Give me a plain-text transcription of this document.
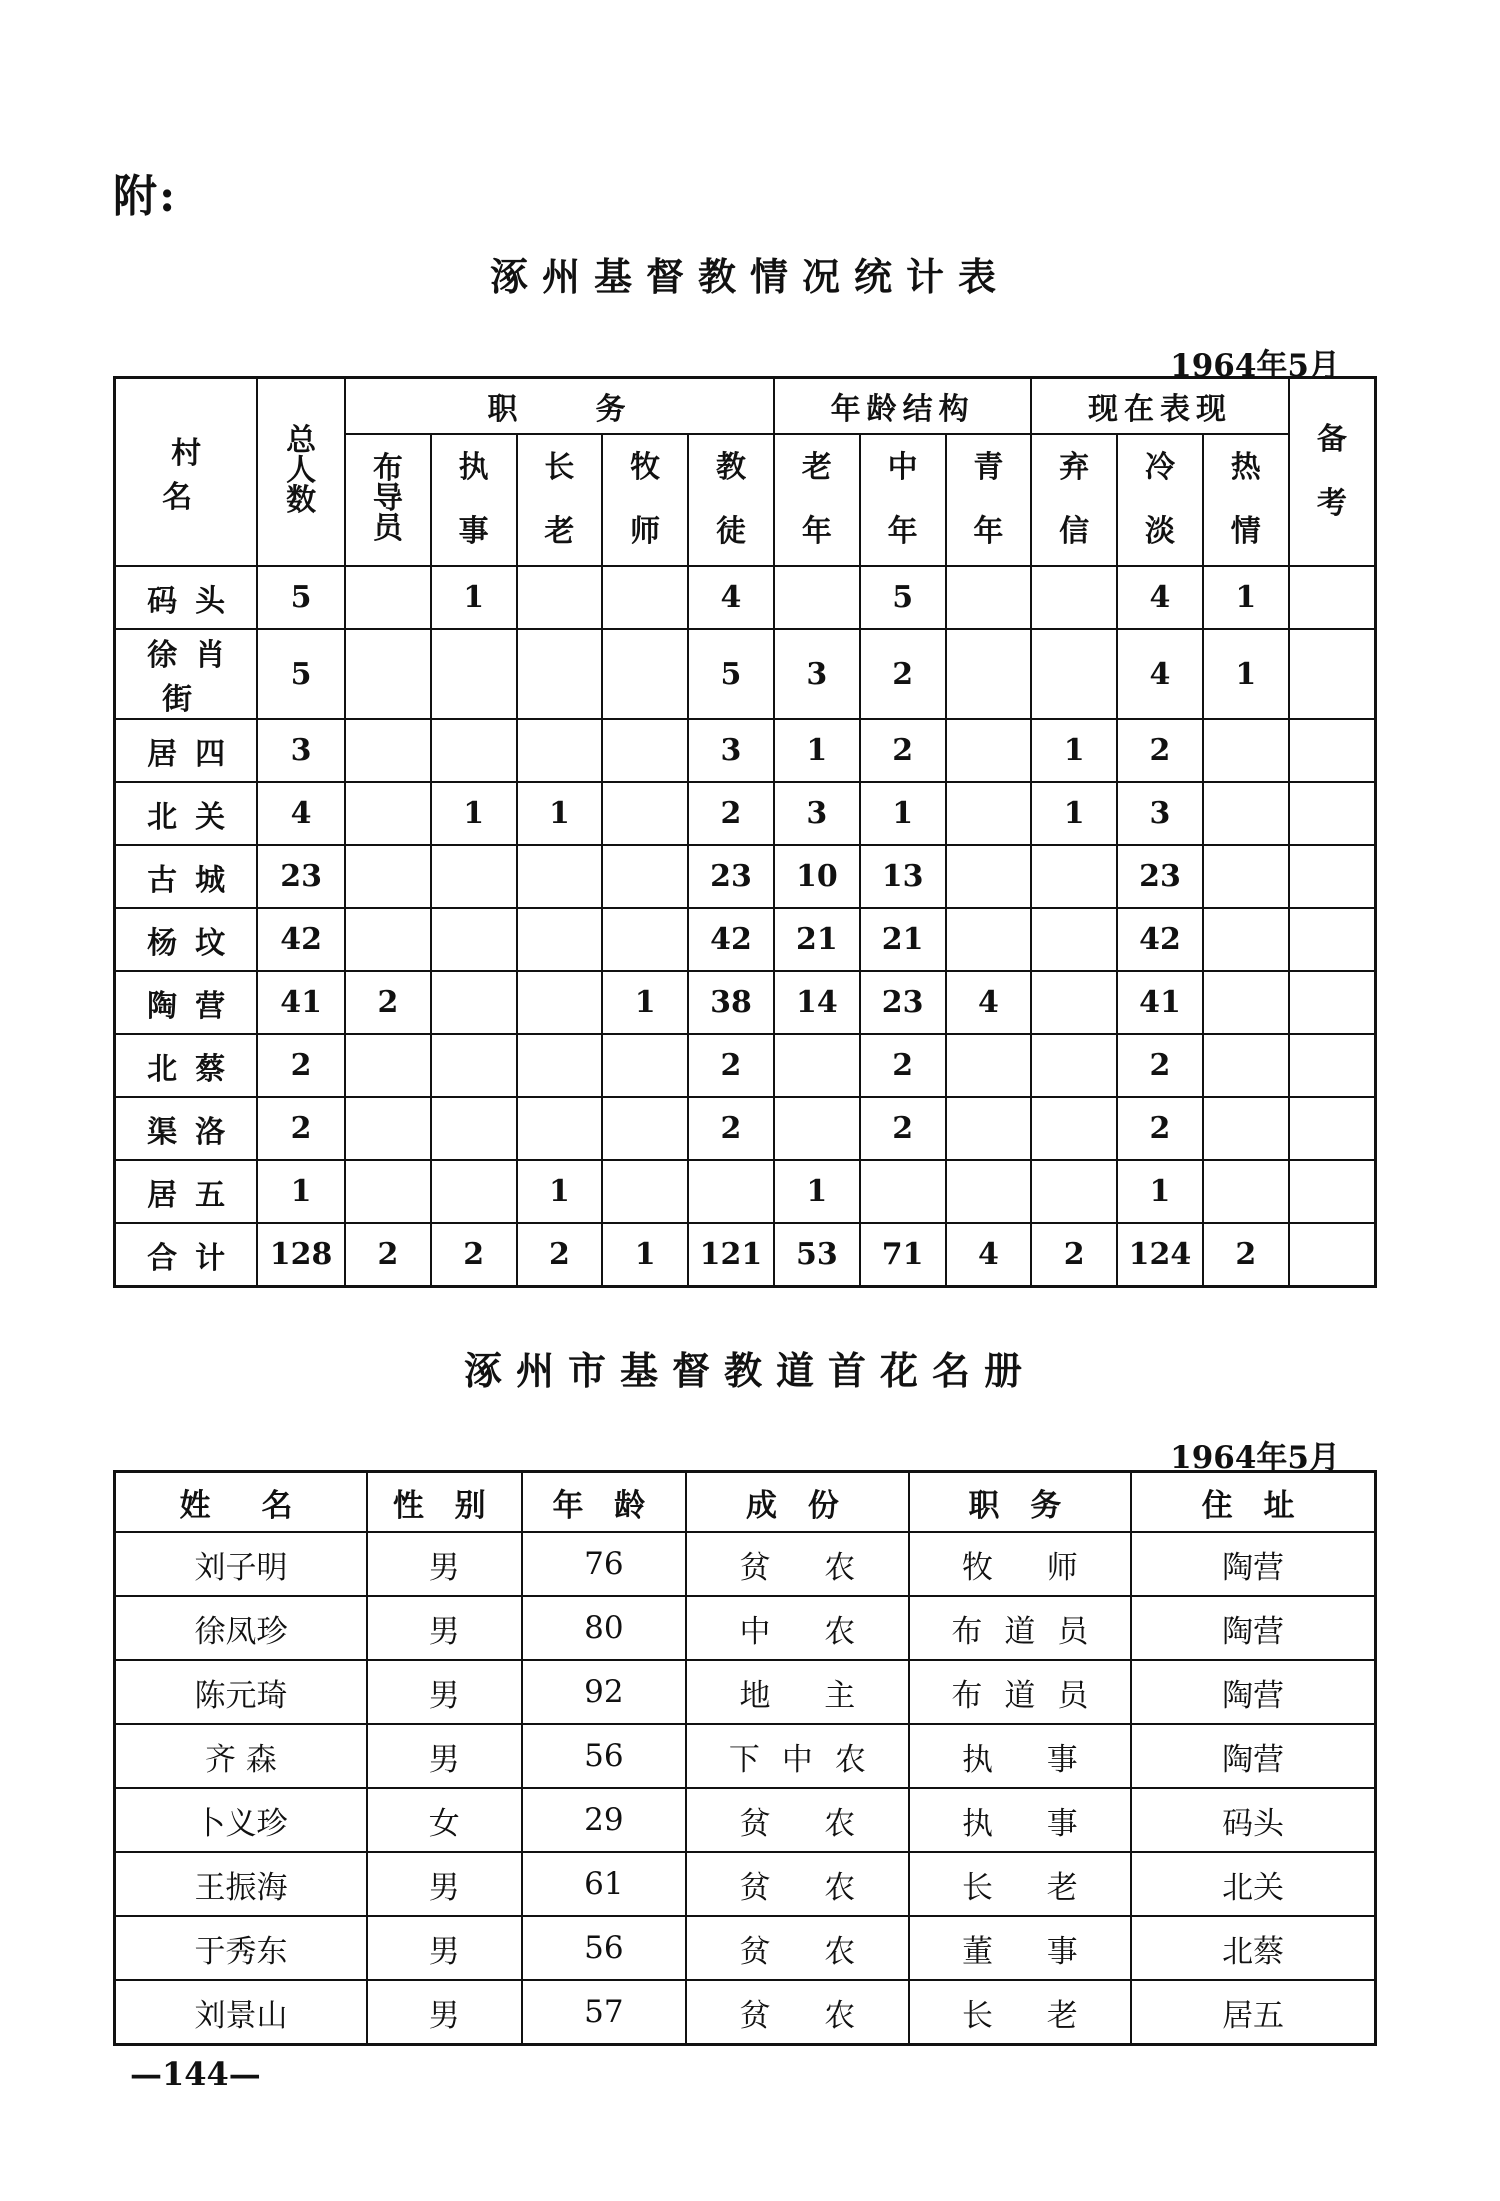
附:
涿州基督教情况统计表
1964年5月
村 名	总
人
数	职　　务					年龄结构			现在表现			备
考

		布
导
员	执
事	长
老	牧
师	教
徒	老
年	中
年	青
年	弃
信	冷
淡	热
情	

码头	5		1			4		5			4	1	
徐肖街	5					5	3	2			4	1	
居四	3					3	1	2		1	2		
北关	4		1	1		2	3	1		1	3		
古城	23					23	10	13			23		
杨坟	42					42	21	21			42		
陶营	41	2			1	38	14	23	4		41		
北蔡	2					2		2			2		
渠洛	2					2		2			2		
居五	1			1			1				1		
合计	128	2	2	2	1	121	53	71	4	2	124	2	
涿州市基督教道首花名册
1964年5月
姓　名	性 别	年 龄	成 份	职 务	住 址
刘子明	男	76	贫 农	牧 师	陶营
徐凤珍	男	80	中 农	布道员	陶营
陈元琦	男	92	地 主	布道员	陶营
齐 森	男	56	下中农	执 事	陶营
卜义珍	女	29	贫 农	执 事	码头
王振海	男	61	贫 农	长 老	北关
于秀东	男	56	贫 农	董 事	北蔡
刘景山	男	57	贫 农	长 老	居五
—144—
